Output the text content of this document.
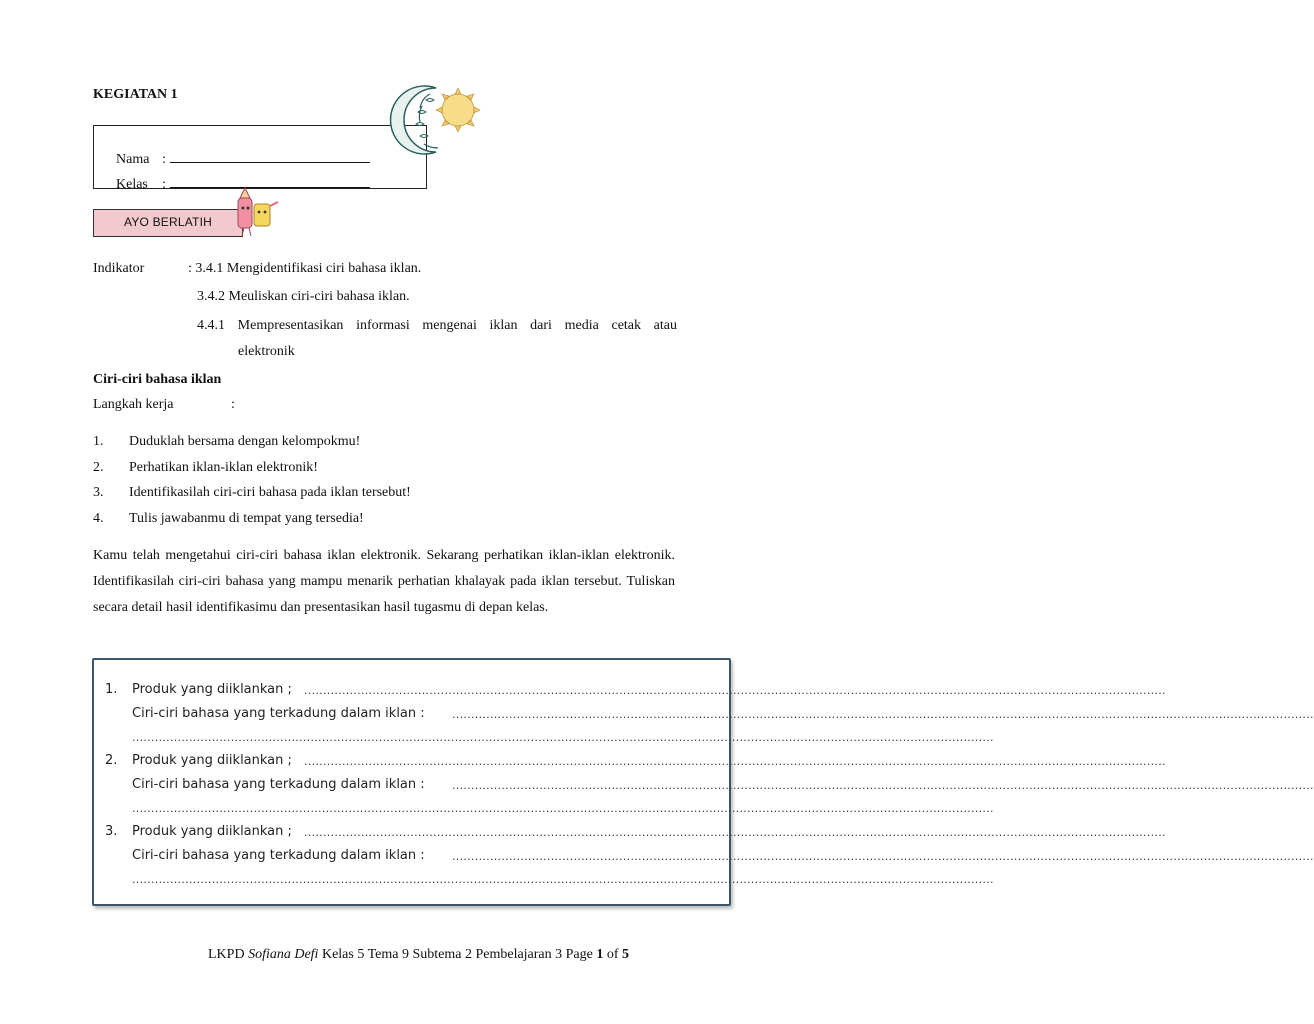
KEGIATAN 1

Nama :

Kelas :

AYO BERLATIH
Indikator	: 3.4.1 Mengidentifikasi ciri bahasa iklan.
3.4.2 Meuliskan ciri-ciri bahasa iklan.
4.4.1 Mempresentasikan informasi mengenai iklan dari media cetak atau
elektronik
Ciri-ciri bahasa iklan
Langkah kerja	:
1. Duduklah bersama dengan kelompokmu!
2. Perhatikan iklan-iklan elektronik!
3. Identifikasilah ciri-ciri bahasa pada iklan tersebut!
4. Tulis jawabanmu di tempat yang tersedia!
Kamu telah mengetahui ciri-ciri bahasa iklan elektronik. Sekarang perhatikan iklan-iklan elektronik. Identifikasilah ciri-ciri bahasa yang mampu menarik perhatian khalayak pada iklan tersebut. Tuliskan secara detail hasil identifikasimu dan presentasikan hasil tugasmu di depan kelas.
1. Produk yang diiklankan ; ...................................................................................................................................................................................................................................
Ciri-ciri bahasa yang terkadung dalam iklan : ...................................................................................................................................................................................................................................
...................................................................................................................................................................................................................................
2. Produk yang diiklankan ; ...................................................................................................................................................................................................................................
Ciri-ciri bahasa yang terkadung dalam iklan : ...................................................................................................................................................................................................................................
...................................................................................................................................................................................................................................
3. Produk yang diiklankan ; ...................................................................................................................................................................................................................................
Ciri-ciri bahasa yang terkadung dalam iklan : ...................................................................................................................................................................................................................................
...................................................................................................................................................................................................................................
LKPD Sofiana Defi Kelas 5 Tema 9 Subtema 2 Pembelajaran 3 Page 1 of 5
